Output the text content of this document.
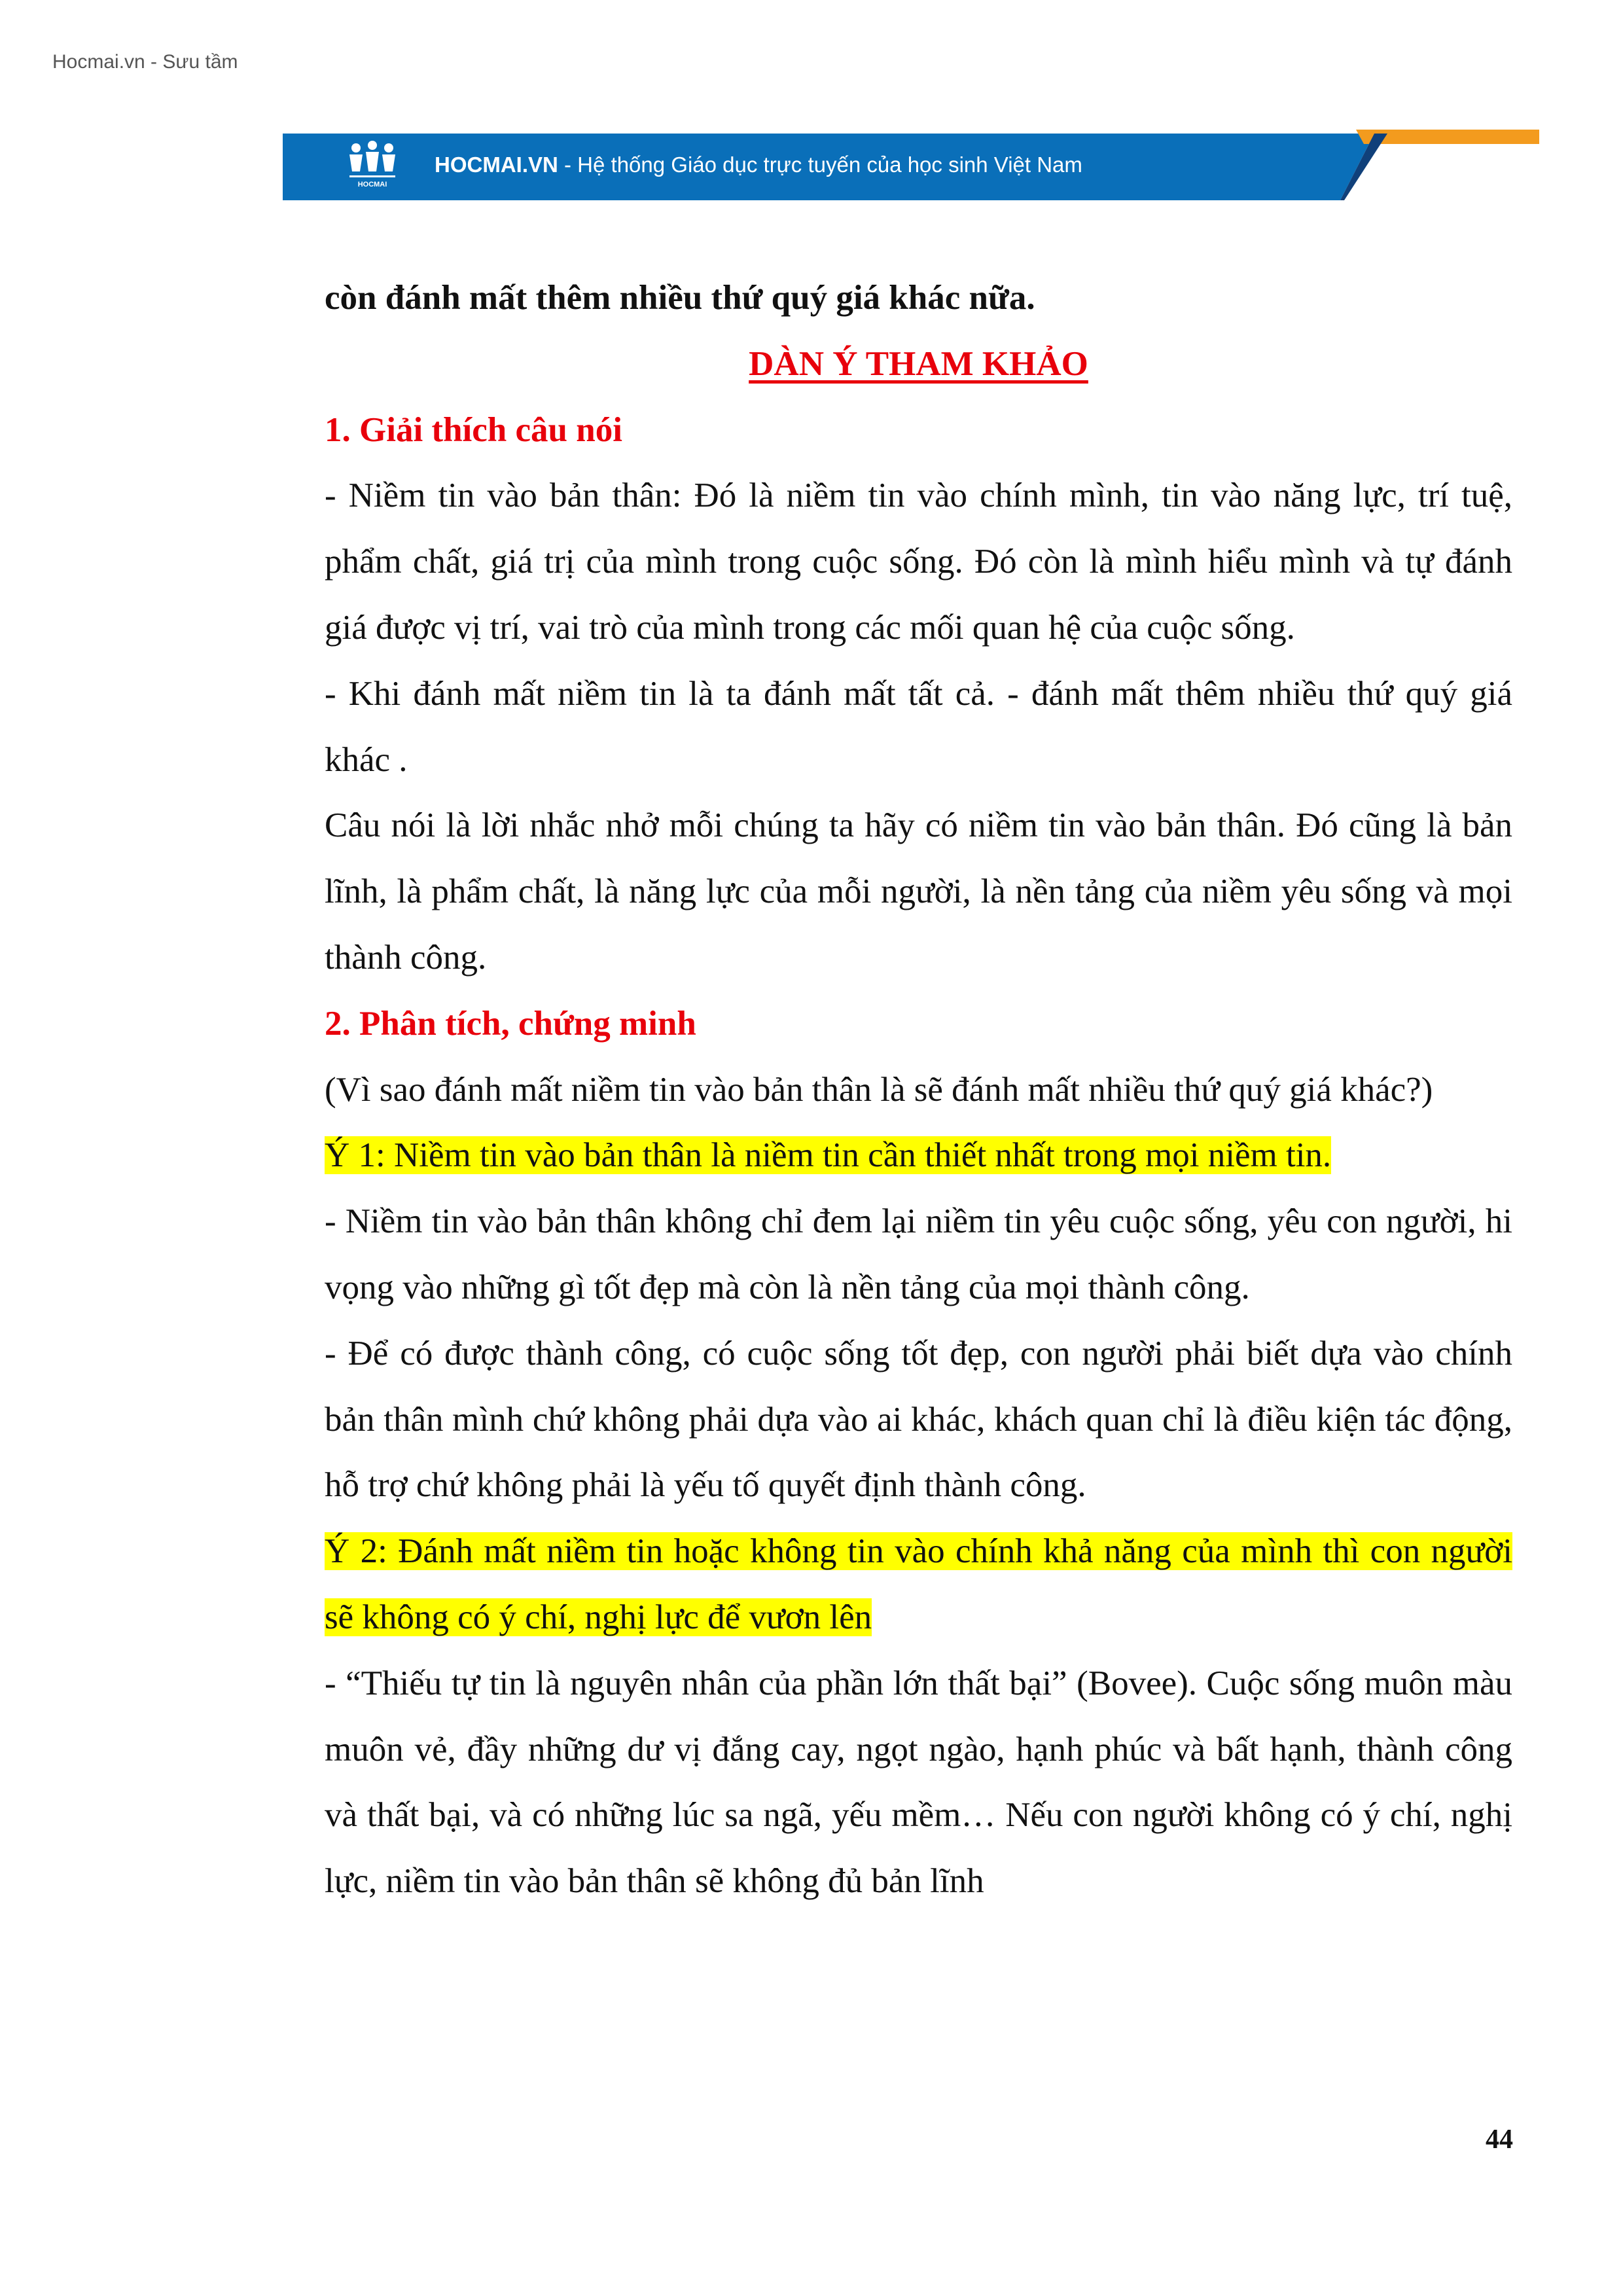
Hocmai.vn - Sưu tầm
HOCMAI
HOCMAI.VN - Hệ thống Giáo dục trực tuyến của học sinh Việt Nam

còn đánh mất thêm nhiều thứ quý giá khác nữa.

DÀN Ý THAM KHẢO

1. Giải thích câu nói

- Niềm tin vào bản thân: Đó là niềm tin vào chính mình, tin vào năng lực, trí tuệ, phẩm chất, giá trị của mình trong cuộc sống. Đó còn là mình hiểu mình và tự đánh giá được vị trí, vai trò của mình trong các mối quan hệ của cuộc sống.

- Khi đánh mất niềm tin là ta đánh mất tất cả. - đánh mất thêm nhiều thứ quý giá khác .

Câu nói là lời nhắc nhở mỗi chúng ta hãy có niềm tin vào bản thân. Đó cũng là bản lĩnh, là phẩm chất, là năng lực của mỗi người, là nền tảng của niềm yêu sống và mọi thành công.

2. Phân tích, chứng minh

(Vì sao đánh mất niềm tin vào bản thân là sẽ đánh mất nhiều thứ quý giá khác?)

Ý 1: Niềm tin vào bản thân là niềm tin cần thiết nhất trong mọi niềm tin.

- Niềm tin vào bản thân không chỉ đem lại niềm tin yêu cuộc sống, yêu con người, hi vọng vào những gì tốt đẹp mà còn là nền tảng của mọi thành công.

- Để có được thành công, có cuộc sống tốt đẹp, con người phải biết dựa vào chính bản thân mình chứ không phải dựa vào ai khác, khách quan chỉ là điều kiện tác động, hỗ trợ chứ không phải là yếu tố quyết định thành công.

Ý 2: Đánh mất niềm tin hoặc không tin vào chính khả năng của mình thì con người sẽ không có ý chí, nghị lực để vươn lên

- “Thiếu tự tin là nguyên nhân của phần lớn thất bại” (Bovee). Cuộc sống muôn màu muôn vẻ, đầy những dư vị đắng cay, ngọt ngào, hạnh phúc và bất hạnh, thành công và thất bại, và có những lúc sa ngã, yếu mềm… Nếu con người không có ý chí, nghị lực, niềm tin vào bản thân sẽ không đủ bản lĩnh

44
